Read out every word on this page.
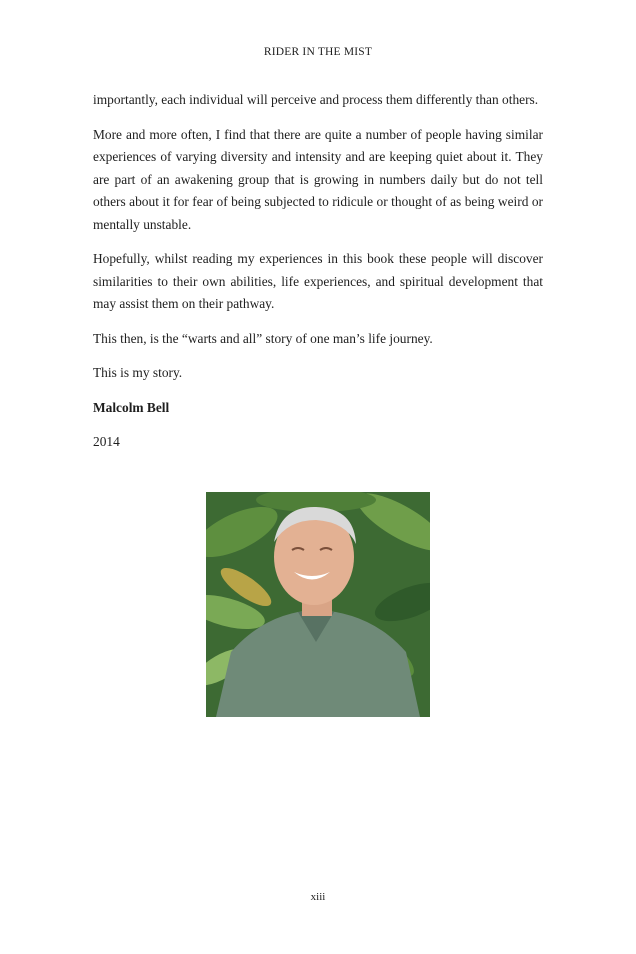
RIDER IN THE MIST

importantly, each individual will perceive and process them differently than others.

More and more often, I find that there are quite a number of people having similar experiences of varying diversity and intensity and are keeping quiet about it. They are part of an awakening group that is growing in numbers daily but do not tell others about it for fear of being subjected to ridicule or thought of as being weird or mentally unstable.

Hopefully, whilst reading my experiences in this book these people will discover similarities to their own abilities, life experiences, and spiritual development that may assist them on their pathway.

This then, is the “warts and all” story of one man’s life journey.

This is my story.

Malcolm Bell

2014

xiii
